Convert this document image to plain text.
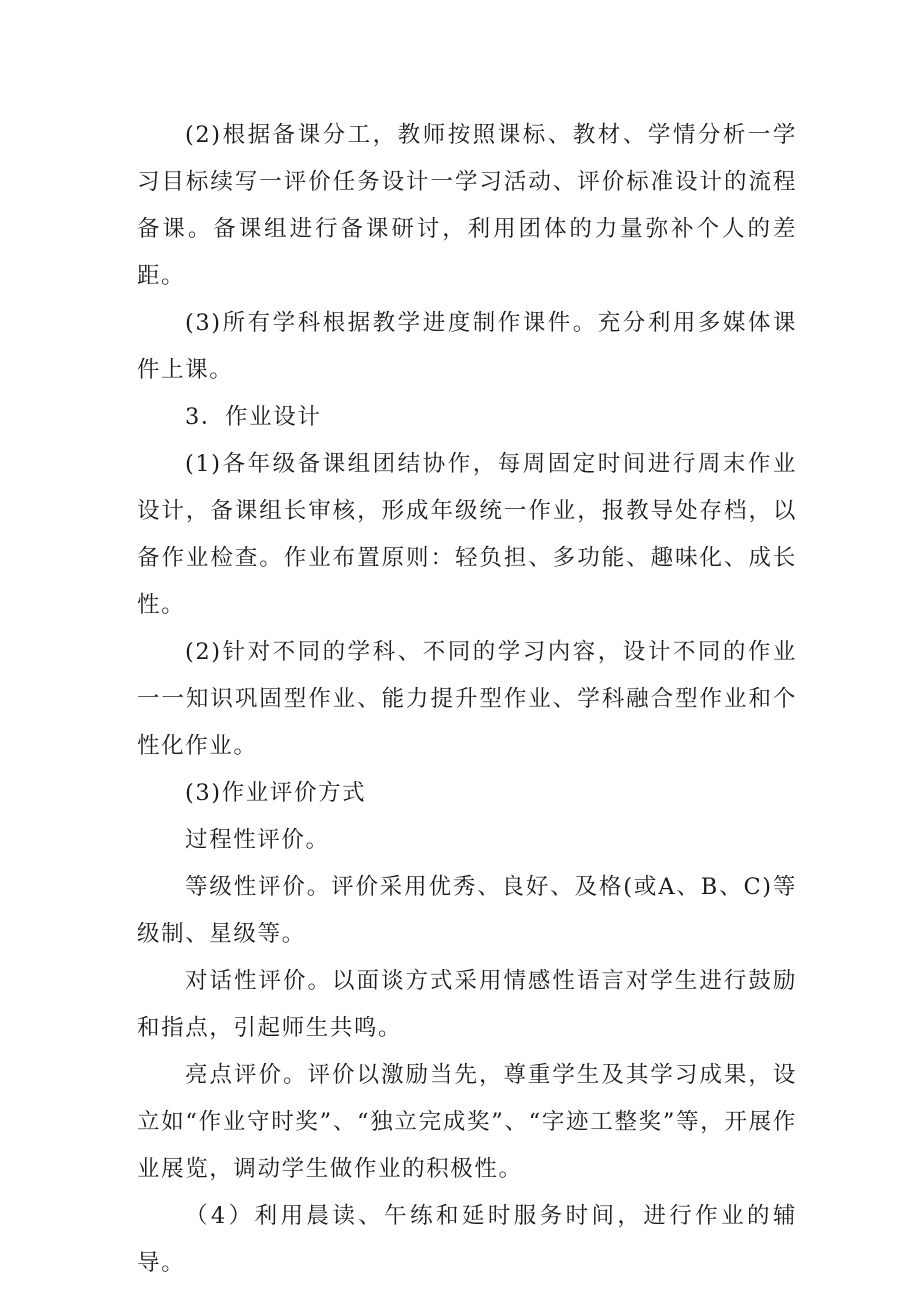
(2)根据备课分工，教师按照课标、教材、学情分析一学习目标续写一评价任务设计一学习活动、评价标准设计的流程备课。备课组进行备课研讨，利用团体的力量弥补个人的差距。

(3)所有学科根据教学进度制作课件。充分利用多媒体课件上课。

3．作业设计

(1)各年级备课组团结协作，每周固定时间进行周末作业设计，备课组长审核，形成年级统一作业，报教导处存档，以备作业检查。作业布置原则：轻负担、多功能、趣味化、成长性。

(2)针对不同的学科、不同的学习内容，设计不同的作业一一知识巩固型作业、能力提升型作业、学科融合型作业和个性化作业。

(3)作业评价方式

过程性评价。

等级性评价。评价采用优秀、良好、及格(或A、B、C)等级制、星级等。

对话性评价。以面谈方式采用情感性语言对学生进行鼓励和指点，引起师生共鸣。

亮点评价。评价以激励当先，尊重学生及其学习成果，设立如“作业守时奖”、“独立完成奖”、“字迹工整奖”等，开展作业展览，调动学生做作业的积极性。

（4）利用晨读、午练和延时服务时间，进行作业的辅导。
